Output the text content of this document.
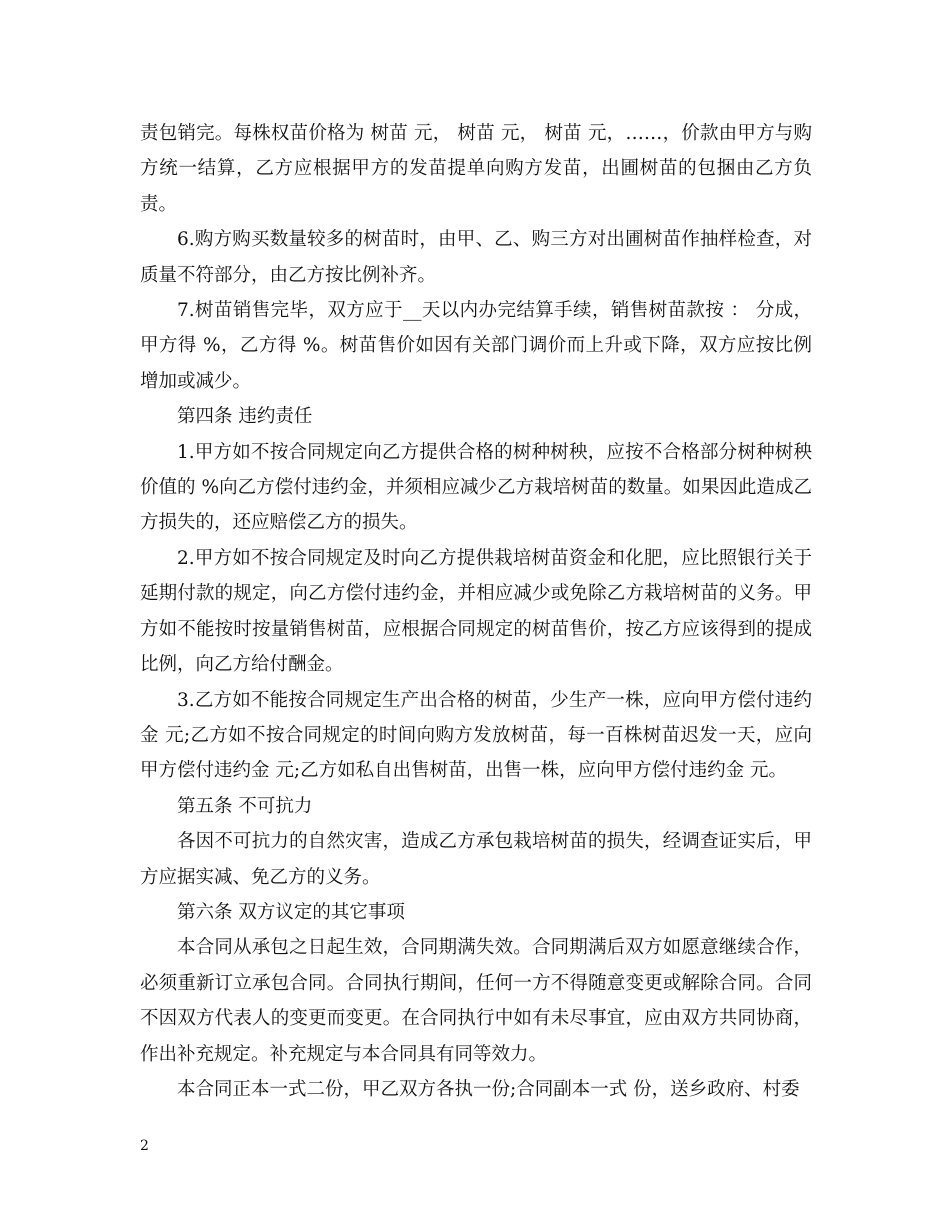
责包销完。每株权苗价格为 树苗 元， 树苗 元， 树苗 元，……，价款由甲方与购方统一结算，乙方应根据甲方的发苗提单向购方发苗，出圃树苗的包捆由乙方负责。

6.购方购买数量较多的树苗时，由甲、乙、购三方对出圃树苗作抽样检查，对质量不符部分，由乙方按比例补齐。

7.树苗销售完毕，双方应于__天以内办完结算手续，销售树苗款按 ： 分成，甲方得 %，乙方得 %。树苗售价如因有关部门调价而上升或下降，双方应按比例增加或减少。

第四条 违约责任

1.甲方如不按合同规定向乙方提供合格的树种树秧，应按不合格部分树种树秧价值的 %向乙方偿付违约金，并须相应减少乙方栽培树苗的数量。如果因此造成乙方损失的，还应赔偿乙方的损失。

2.甲方如不按合同规定及时向乙方提供栽培树苗资金和化肥，应比照银行关于延期付款的规定，向乙方偿付违约金，并相应减少或免除乙方栽培树苗的义务。甲方如不能按时按量销售树苗，应根据合同规定的树苗售价，按乙方应该得到的提成比例，向乙方给付酬金。

3.乙方如不能按合同规定生产出合格的树苗，少生产一株，应向甲方偿付违约金 元;乙方如不按合同规定的时间向购方发放树苗，每一百株树苗迟发一天，应向甲方偿付违约金 元;乙方如私自出售树苗，出售一株，应向甲方偿付违约金 元。

第五条 不可抗力

各因不可抗力的自然灾害，造成乙方承包栽培树苗的损失，经调查证实后，甲方应据实减、免乙方的义务。

第六条 双方议定的其它事项

本合同从承包之日起生效，合同期满失效。合同期满后双方如愿意继续合作，必须重新订立承包合同。合同执行期间，任何一方不得随意变更或解除合同。合同不因双方代表人的变更而变更。在合同执行中如有未尽事宜，应由双方共同协商，作出补充规定。补充规定与本合同具有同等效力。

本合同正本一式二份，甲乙双方各执一份;合同副本一式 份，送乡政府、村委

2
